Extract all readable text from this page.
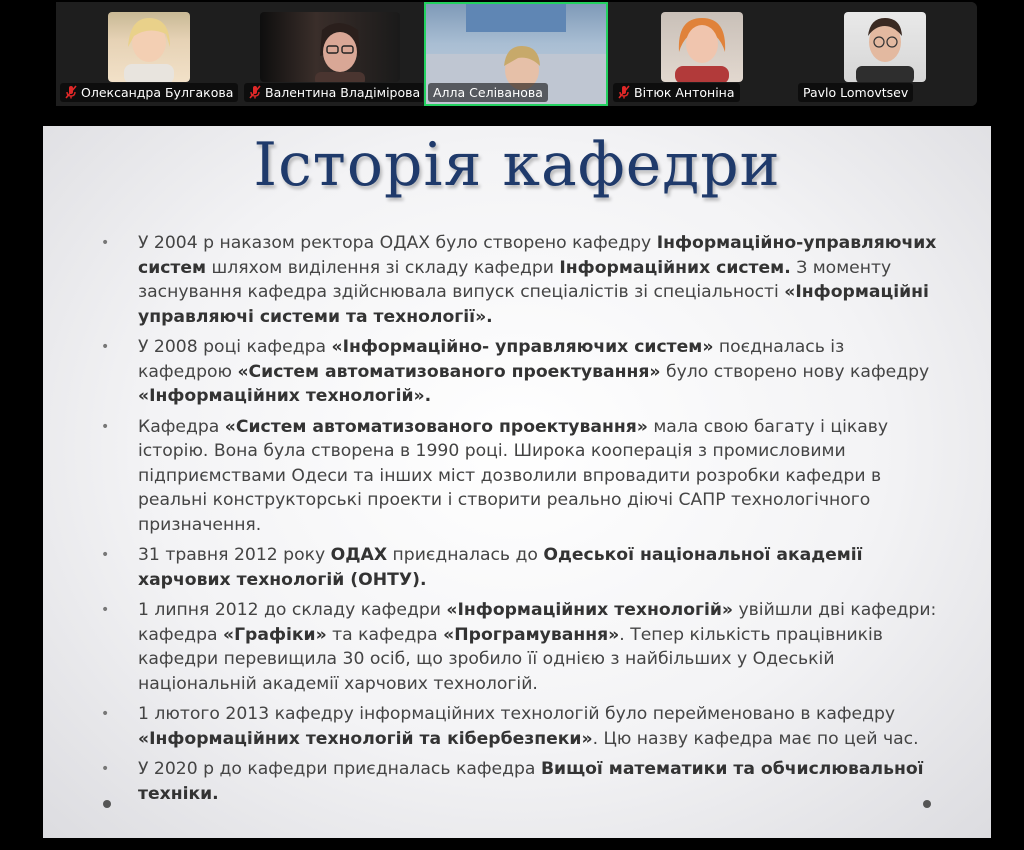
Олександра Булгакова	Валентина Владімірова Алла Селіванова	Вітюк Антоніна	Pavlo Lomovtsev
Історія кафедри
• У 2004 р наказом ректора ОДАХ було створено кафедру Інформаційно-управляючих систем шляхом виділення зі складу кафедри Інформаційних систем. З моменту заснування кафедра здійснювала випуск спеціалістів зі спеціальності «Інформаційні управляючі системи та технології».
• У 2008 році кафедра «Інформаційно- управляючих систем» поєдналась із кафедрою «Систем автоматизованого проектування» було створено нову кафедру «Інформаційних технологій».
• Кафедра «Систем автоматизованого проектування» мала свою багату і цікаву історію. Вона була створена в 1990 році. Широка кооперація з промисловими підприємствами Одеси та інших міст дозволили впровадити розробки кафедри в реальні конструкторські проекти і створити реально діючі САПР технологічного призначення.
• 31 травня 2012 року ОДАХ приєдналась до Одеської національної академії харчових технологій (ОНТУ).
• 1 липня 2012 до складу кафедри «Інформаційних технологій» увійшли дві кафедри: кафедра «Графіки» та кафедра «Програмування». Тепер кількість працівників кафедри перевищила 30 осіб, що зробило її однією з найбільших у Одеській національній академії харчових технологій.
• 1 лютого 2013 кафедру інформаційних технологій було перейменовано в кафедру «Інформаційних технологій та кібербезпеки». Цю назву кафедра має по цей час.
• У 2020 р до кафедри приєдналась кафедра Вищої математики та обчислювальної техніки.
